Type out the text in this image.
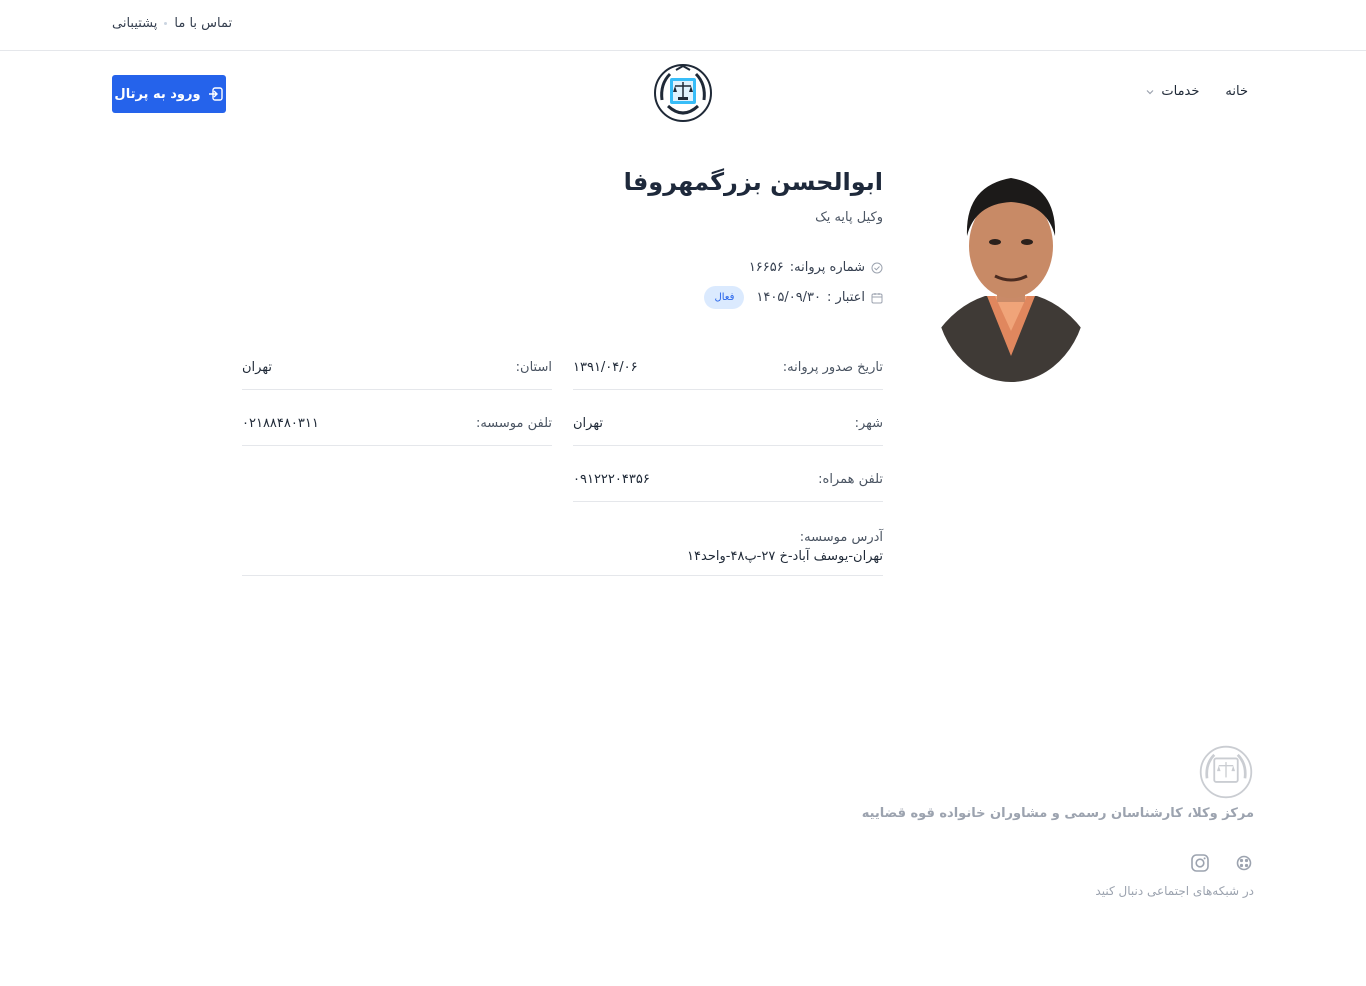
پشتیبانی تماس با ما
خانه
خدمات
ورود به پرتال
ابوالحسن بزرگمهروفا
وکیل پایه یک
شماره پروانه:
۱۶۶۵۶
اعتبار :
۱۴۰۵/۰۹/۳۰
فعال
تاریخ صدور پروانه:
۱۳۹۱/۰۴/۰۶
استان:
تهران
شهر:
تهران
تلفن موسسه:
۰۲۱۸۸۴۸۰۳۱۱
تلفن همراه:
۰۹۱۲۲۲۰۴۳۵۶
آدرس موسسه:
تهران-یوسف آباد-خ ۲۷-پ۴۸-واحد۱۴
مرکز وکلا، کارشناسان رسمی و مشاوران خانواده قوه قضاییه
در شبکه‌های اجتماعی دنبال کنید
